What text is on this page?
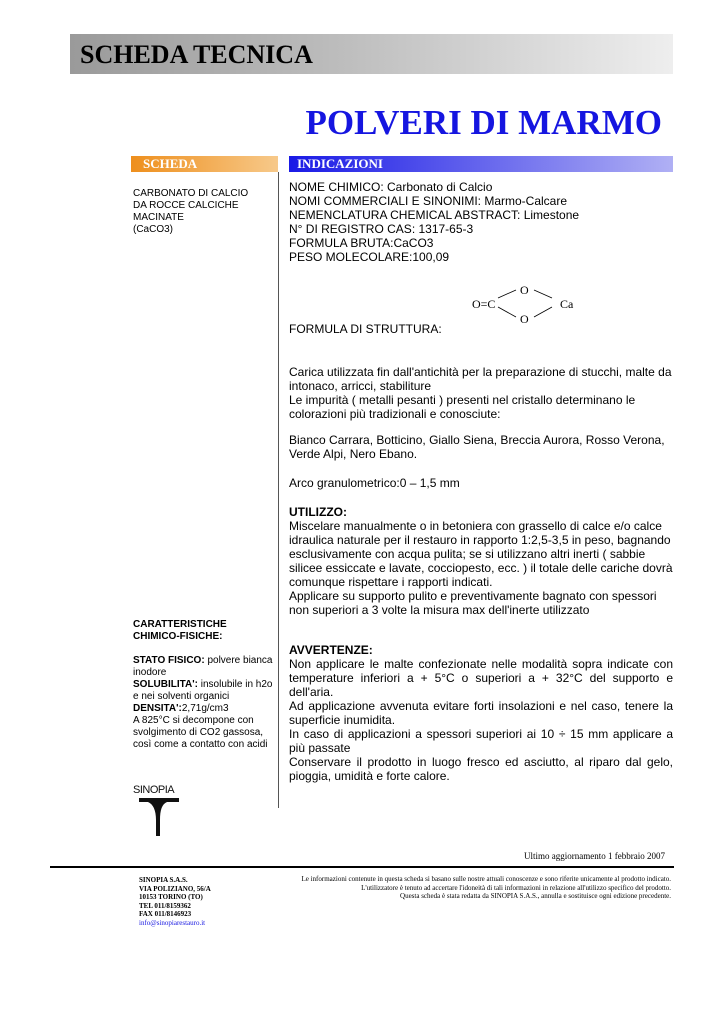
SCHEDA TECNICA
POLVERI DI MARMO
SCHEDA	INDICAZIONI
CARBONATO DI CALCIO
DA ROCCE CALCICHE
MACINATE
(CaCO3)
CARATTERISTICHE
CHIMICO-FISICHE:

STATO FISICO: polvere bianca inodore

SOLUBILITA': insolubile in h2o e nei solventi organici

DENSITA':2,71g/cm3

A 825°C si decompone con svolgimento di CO2 gassosa, così come a contatto con acidi

NOME CHIMICO: Carbonato di Calcio
NOMI COMMERCIALI E SINONIMI: Marmo-Calcare
NEMENCLATURA CHEMICAL ABSTRACT: Limestone
N° DI REGISTRO CAS: 1317-65-3
FORMULA BRUTA:CaCO3
PESO MOLECOLARE:100,09
O=C
O
O
Ca
FORMULA DI STRUTTURA:

Carica utilizzata fin dall'antichità per la preparazione di stucchi, malte da intonaco, arricci, stabiliture

Le impurità ( metalli pesanti ) presenti nel cristallo determinano le colorazioni più tradizionali e conosciute:

Bianco Carrara, Botticino, Giallo Siena, Breccia Aurora, Rosso Verona, Verde Alpi, Nero Ebano.

Arco granulometrico:0 – 1,5 mm

UTILIZZO:

Miscelare manualmente o in betoniera con grassello di calce e/o calce idraulica naturale per il restauro in rapporto 1:2,5-3,5 in peso, bagnando esclusivamente con acqua pulita; se si utilizzano altri inerti ( sabbie silicee essiccate e lavate, cocciopesto, ecc. ) il totale delle cariche dovrà comunque rispettare i rapporti indicati.

Applicare su supporto pulito e preventivamente bagnato con spessori non superiori a 3 volte la misura max dell'inerte utilizzato

AVVERTENZE:

Non applicare le malte confezionate nelle modalità sopra indicate con temperature inferiori a + 5°C o superiori a + 32°C del supporto e dell'aria.

Ad applicazione avvenuta evitare forti insolazioni e nel caso, tenere la superficie inumidita.

In caso di applicazioni a spessori superiori ai 10 ÷ 15 mm applicare a più passate

Conservare il prodotto in luogo fresco ed asciutto, al riparo dal gelo, pioggia, umidità e forte calore.

SINOPIA
Ultimo aggiornamento 1 febbraio 2007
SINOPIA S.A.S.
VIA POLIZIANO, 56/A
10153 TORINO (TO)
TEL 011/8159362
FAX 011/8146923
info@sinopiarestauro.it
Le informazioni contenute in questa scheda si basano sulle nostre attuali conoscenze e sono riferite unicamente al prodotto indicato.
L'utilizzatore è tenuto ad accertare l'idoneità di tali informazioni in relazione all'utilizzo specifico del prodotto.
Questa scheda è stata redatta da SINOPIA S.A.S., annulla e sostituisce ogni edizione precedente.
